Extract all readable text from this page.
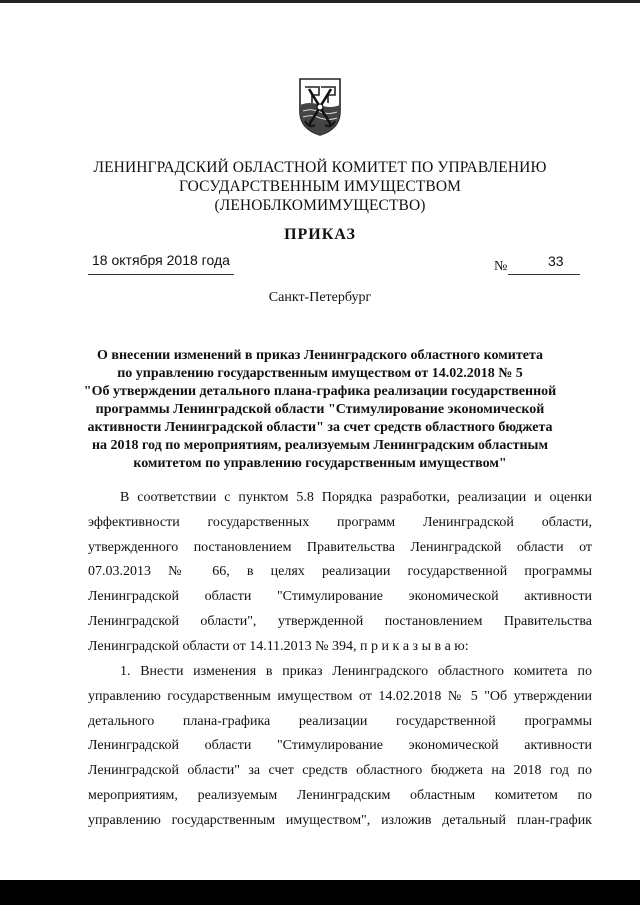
ЛЕНИНГРАДСКИЙ ОБЛАСТНОЙ КОМИТЕТ ПО УПРАВЛЕНИЮ
ГОСУДАРСТВЕННЫМ ИМУЩЕСТВОМ
(ЛЕНОБЛКОМИМУЩЕСТВО)
ПРИКАЗ
18 октября 2018 года	№	33
Санкт-Петербург
О внесении изменений в приказ Ленинградского областного комитета
по управлению государственным имуществом от 14.02.2018 № 5
"Об утверждении детального плана-графика реализации государственной
программы Ленинградской области "Стимулирование экономической
активности Ленинградской области" за счет средств областного бюджета
на 2018 год по мероприятиям, реализуемым Ленинградским областным
комитетом по управлению государственным имуществом"
В соответствии с пунктом 5.8 Порядка разработки, реализации и оценки
эффективности государственных программ Ленинградской области,
утвержденного постановлением Правительства Ленинградской области от
07.03.2013 № 66, в целях реализации государственной программы
Ленинградской области "Стимулирование экономической активности
Ленинградской области", утвержденной постановлением Правительства
Ленинградской области от 14.11.2013 № 394, п р и к а з ы в а ю:
1. Внести изменения в приказ Ленинградского областного комитета по
управлению государственным имуществом от 14.02.2018 № 5 "Об утверждении
детального плана-графика реализации государственной программы
Ленинградской области "Стимулирование экономической активности
Ленинградской области" за счет средств областного бюджета на 2018 год по
мероприятиям, реализуемым Ленинградским областным комитетом по
управлению государственным имуществом", изложив детальный план-график
